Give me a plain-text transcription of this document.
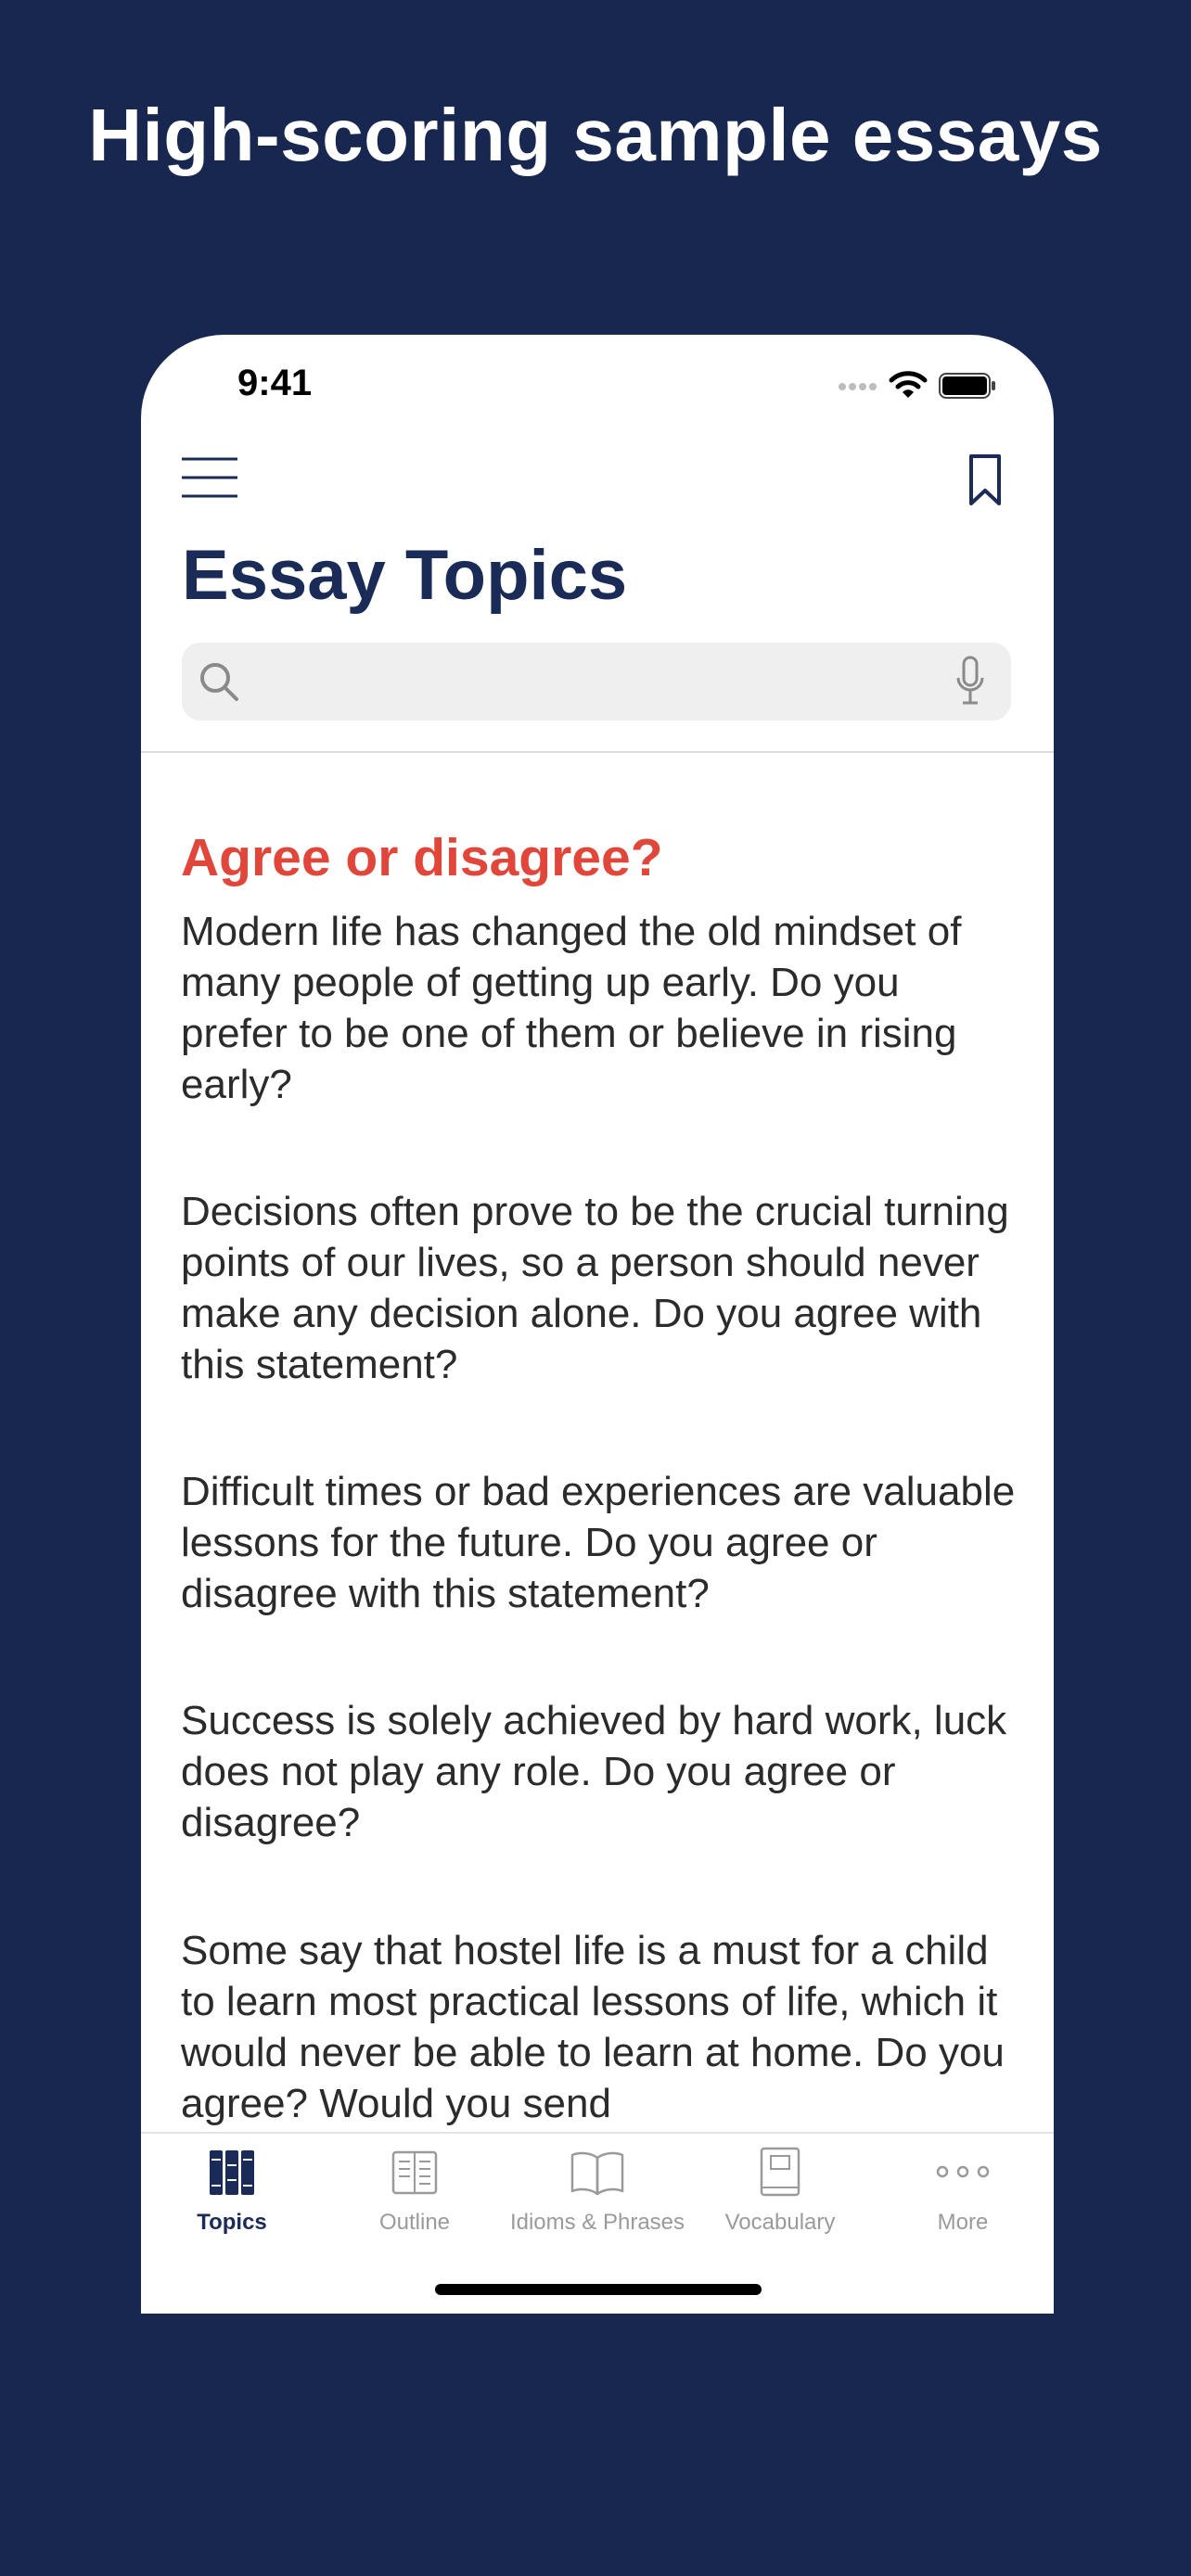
High-scoring sample essays
9:41
Essay Topics
Agree or disagree?
Modern life has changed the old mindset of many people of getting up early. Do you prefer to be one of them or believe in rising early?
Decisions often prove to be the crucial turning points of our lives, so a person should never make any decision alone. Do you agree with this statement?
Difficult times or bad experiences are valuable lessons for the future. Do you agree or disagree with this statement?
Success is solely achieved by hard work, luck does not play any role. Do you agree or disagree?
Some say that hostel life is a must for a child to learn most practical lessons of life, which it would never be able to learn at home. Do you agree? Would you send
Topics	Outline	Idioms & Phrases	Vocabulary	More
